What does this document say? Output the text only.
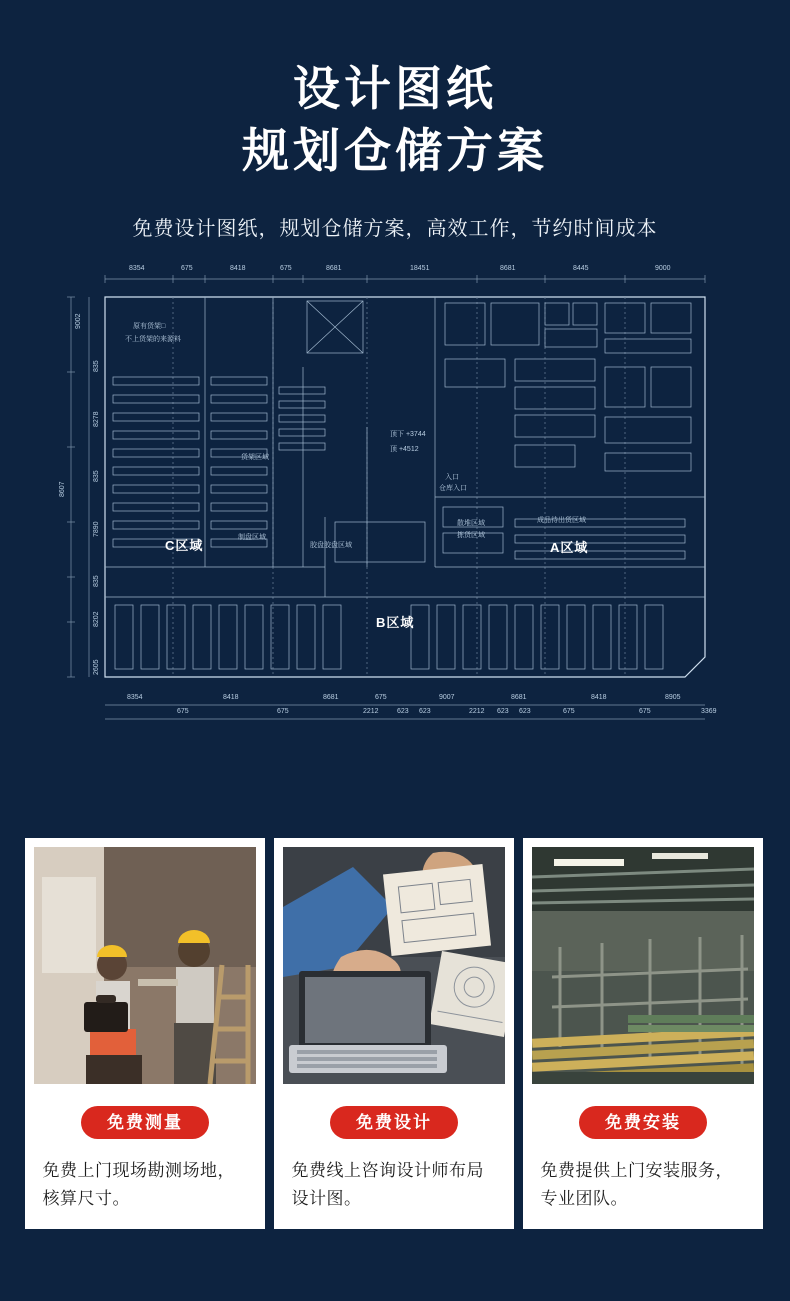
设计图纸
规划仓储方案
免费设计图纸，规划仓储方案，高效工作，节约时间成本
C区域
B区域
A区域
原有货架□
不上货架的来源料
货架区域
制盘区域
胶盘胶盘区域
散堆区域
拣货区域
成品待出货区域
入口
仓库入口
顶下 +3744
顶 +4512
8354	675	8418	675	8681	18451	8681	8445	9000
9002
835
8278
8607
835
7890
835
8202
2605
8354
675
8418
675
8681
2212
675
623 623
9007
2212 623 623
8681
675
8418
675
8905
3369
免费测量
免费上门现场勘测场地，核算尺寸。
免费设计
免费线上咨询设计师布局设计图。
免费安装
免费提供上门安装服务，专业团队。
